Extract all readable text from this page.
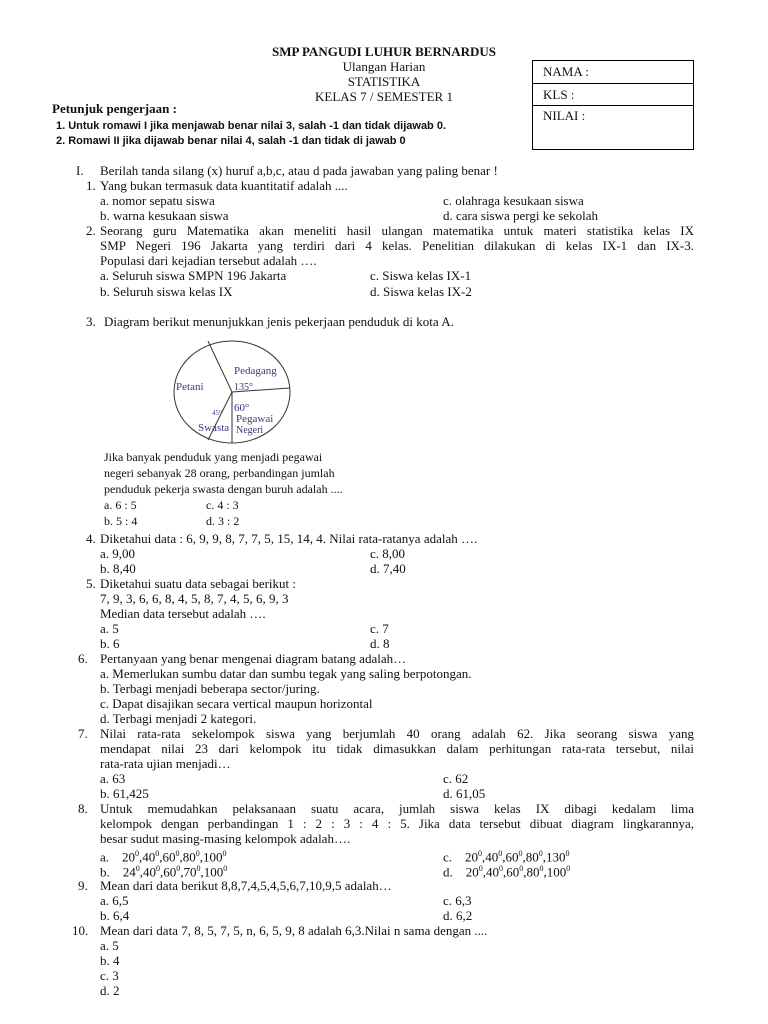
SMP PANGUDI LUHUR BERNARDUS
Ulangan Harian
STATISTIKA
KELAS 7 / SEMESTER 1
NAMA :
KLS :
NILAI :
Petunjuk pengerjaan :
1. Untuk romawi I jika menjawab benar nilai 3, salah -1 dan tidak dijawab 0.
2. Romawi II jika dijawab benar nilai 4, salah -1 dan tidak di jawab 0
I. Berilah tanda silang (x) huruf a,b,c, atau d pada jawaban yang paling benar !
1. Yang bukan termasuk data kuantitatif adalah ....
a. nomor sepatu siswa	c. olahraga kesukaan siswa
b. warna kesukaan siswa	d. cara siswa pergi ke sekolah
2. Seorang guru Matematika akan meneliti hasil ulangan matematika untuk materi statistika kelas IX
SMP Negeri 196 Jakarta yang terdiri dari 4 kelas. Penelitian dilakukan di kelas IX-1 dan IX-3.
Populasi dari kejadian tersebut adalah ….
a. Seluruh siswa SMPN 196 Jakarta	c. Siswa kelas IX-1
b. Seluruh siswa kelas IX	d. Siswa kelas IX-2
3. Diagram berikut menunjukkan jenis pekerjaan penduduk di kota A.
Pedagang
135°
Petani
60°
Pegawai
Negeri
Swasta
45°
Jika banyak penduduk yang menjadi pegawai
negeri sebanyak 28 orang, perbandingan jumlah
penduduk pekerja swasta dengan buruh adalah ....
a. 6 : 5	c. 4 : 3
b. 5 : 4	d. 3 : 2
4. Diketahui data : 6, 9, 9, 8, 7, 7, 5, 15, 14, 4. Nilai rata-ratanya adalah ….
a. 9,00	c. 8,00
b. 8,40	d. 7,40
5. Diketahui suatu data sebagai berikut :
7, 9, 3, 6, 6, 8, 4, 5, 8, 7, 4, 5, 6, 9, 3
Median data tersebut adalah ….
a. 5	c. 7
b. 6	d. 8
6. Pertanyaan yang benar mengenai diagram batang adalah…
a. Memerlukan sumbu datar dan sumbu tegak yang saling berpotongan.
b. Terbagi menjadi beberapa sector/juring.
c. Dapat disajikan secara vertical maupun horizontal
d. Terbagi menjadi 2 kategori.
7. Nilai rata-rata sekelompok siswa yang berjumlah 40 orang adalah 62. Jika seorang siswa yang
mendapat nilai 23 dari kelompok itu tidak dimasukkan dalam perhitungan rata-rata tersebut, nilai
rata-rata ujian menjadi…
a. 63	c. 62
b. 61,425	d. 61,05
8. Untuk memudahkan pelaksanaan suatu acara, jumlah siswa kelas IX dibagi kedalam lima
kelompok dengan perbandingan 1 : 2 : 3 : 4 : 5. Jika data tersebut dibuat diagram lingkarannya,
besar sudut masing-masing kelompok adalah….
a. $20^0,40^0,60^0,80^0,100^0$	c. $20^0,40^0,60^0,80^0,130^0$
b. $24^0,40^0,60^0,70^0,100^0$	d. $20^0,40^0,60^0,80^0,100^0$
9. Mean dari data berikut 8,8,7,4,5,4,5,6,7,10,9,5 adalah…
a. 6,5	c. 6,3
b. 6,4	d. 6,2
10. Mean dari data 7, 8, 5, 7, 5, n, 6, 5, 9, 8 adalah 6,3.Nilai n sama dengan ....
a. 5
b. 4
c. 3
d. 2
